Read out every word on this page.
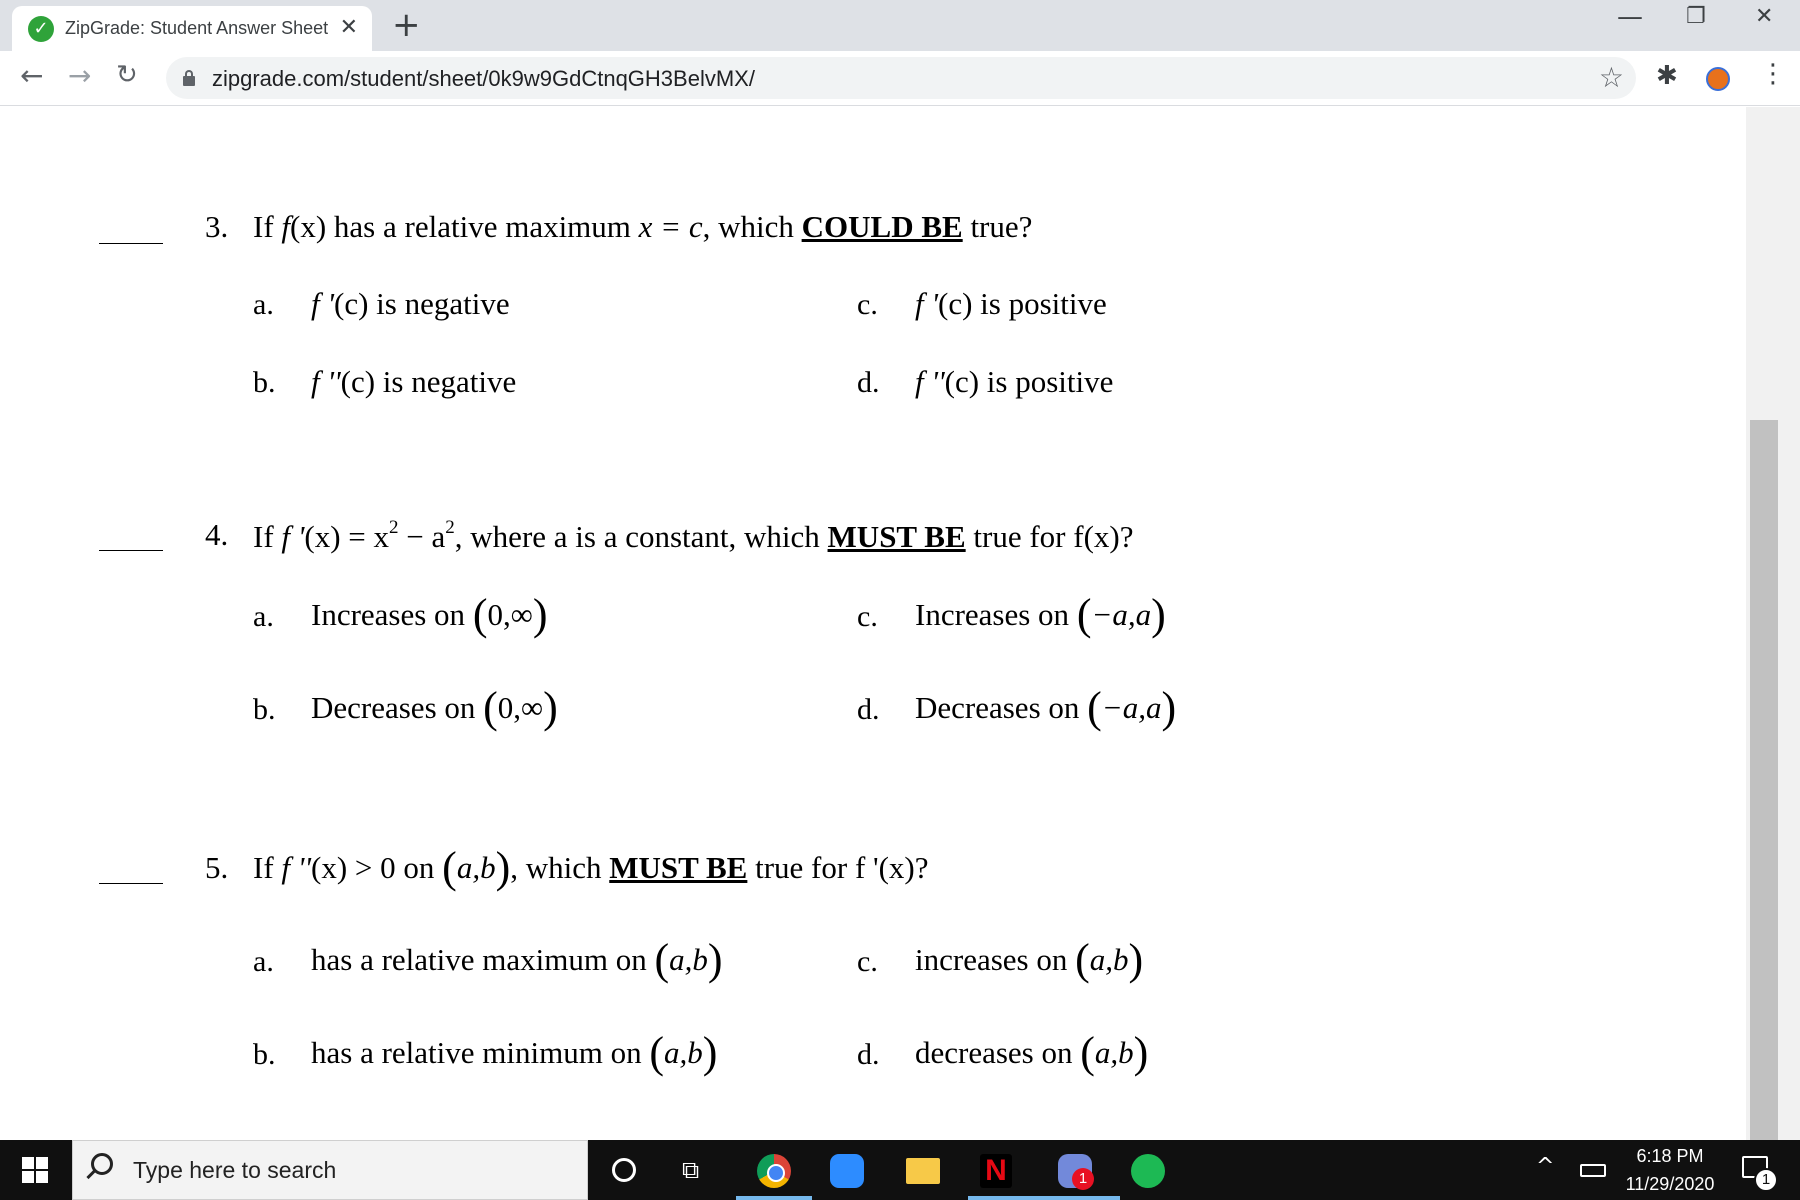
✓ ZipGrade: Student Answer Sheet ✕ +	— ❐ ✕
← → ↻	zipgrade.com/student/sheet/0k9w9GdCtnqGH3BelvMX/	☆ ✱	⋮
3. If f(x) has a relative maximum x = c, which COULD BE true?
a. f '(c) is negative
b. f ''(c) is negative
c. f '(c) is positive
d. f ''(c) is positive
4. If f '$(x) = x^2 - a^2$, where a is a constant, which MUST BE true for f(x)?
a. Increases on (0,∞)
b. Decreases on (0,∞)
c. Increases on (−a,a)
d. Decreases on (−a,a)
5. If f ''(x) > 0 on (a,b), which MUST BE true for f '(x)?
a. has a relative maximum on (a,b)
b. has a relative minimum on (a,b)
c. increases on (a,b)
d. decreases on (a,b)
Type here to search	⧉	N	1	^	6:18 PM
11/29/2020	1
